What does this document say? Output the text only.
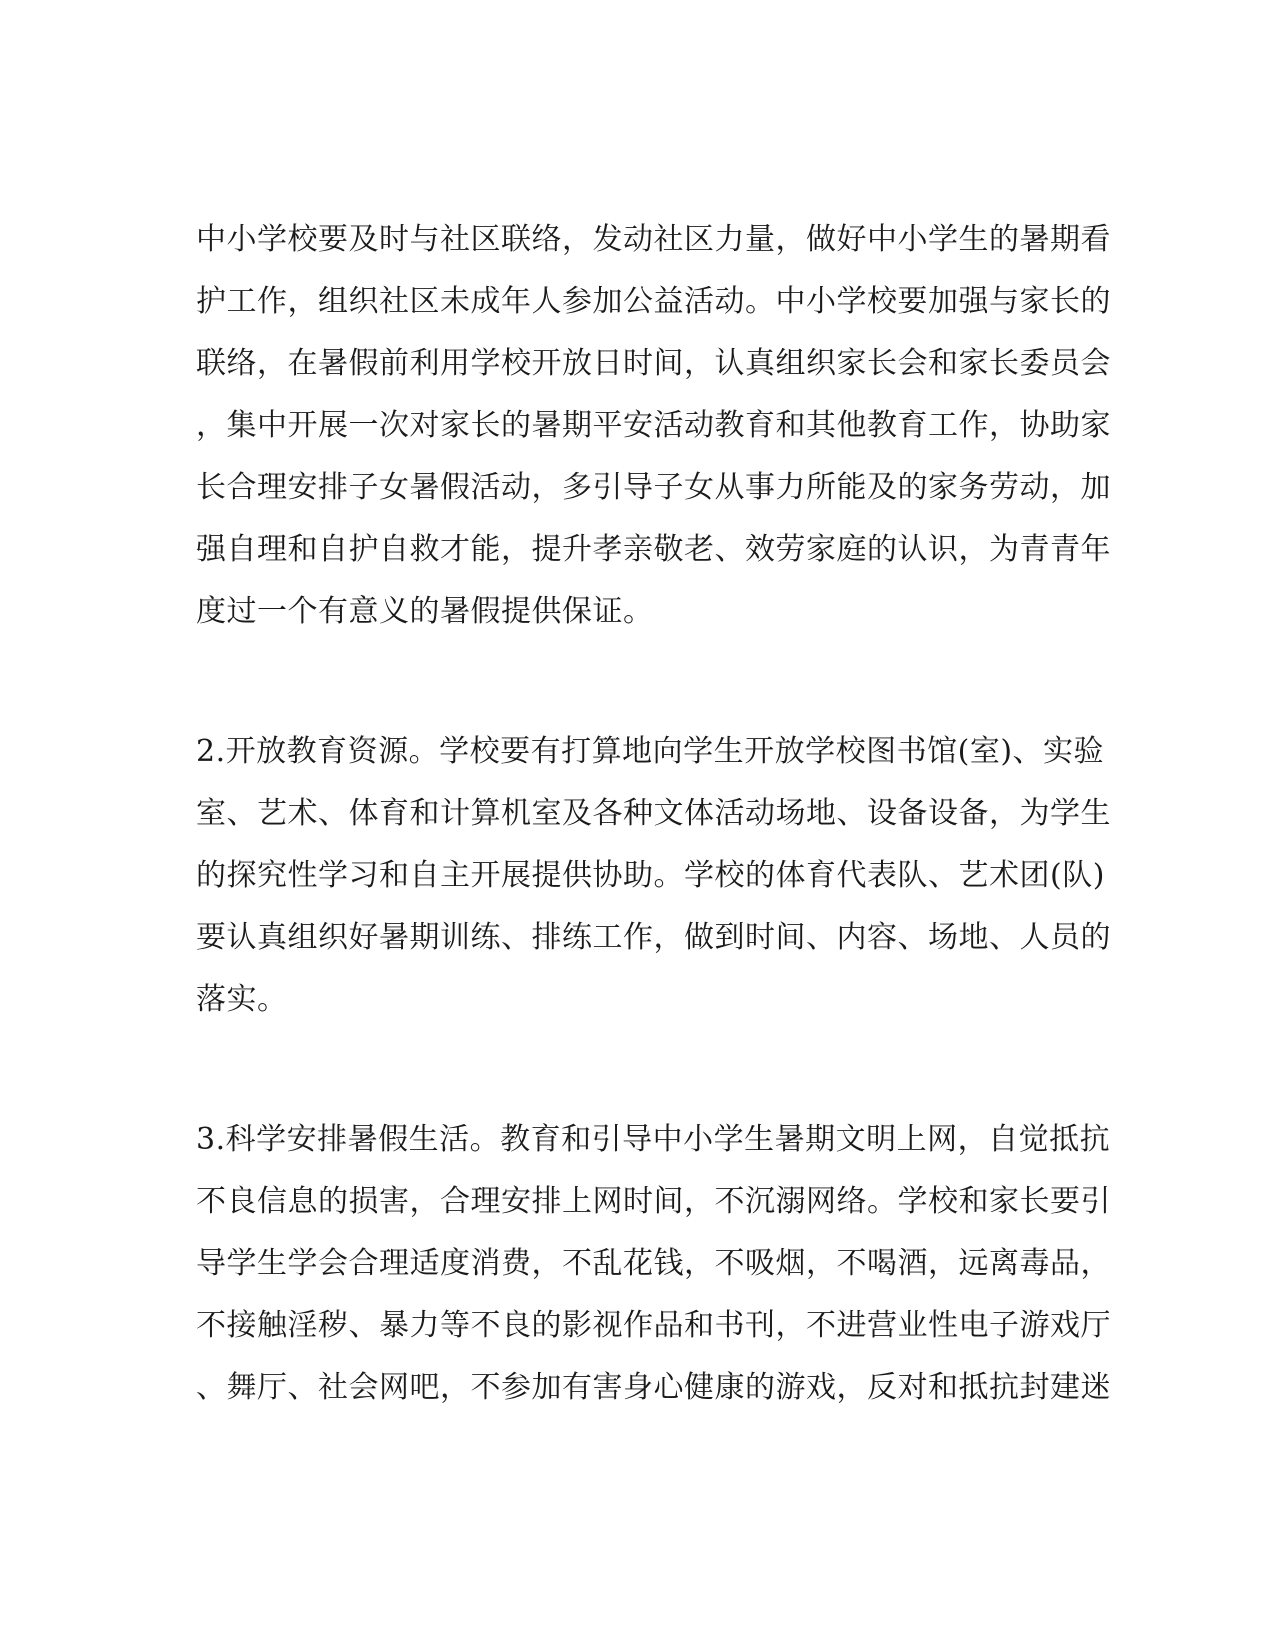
中小学校要及时与社区联络，发动社区力量，做好中小学生的暑期看
护工作，组织社区未成年人参加公益活动。中小学校要加强与家长的
联络，在暑假前利用学校开放日时间，认真组织家长会和家长委员会
，集中开展一次对家长的暑期平安活动教育和其他教育工作，协助家
长合理安排子女暑假活动，多引导子女从事力所能及的家务劳动，加
强自理和自护自救才能，提升孝亲敬老、效劳家庭的认识，为青青年
度过一个有意义的暑假提供保证。
2.开放教育资源。学校要有打算地向学生开放学校图书馆(室)、实验
室、艺术、体育和计算机室及各种文体活动场地、设备设备，为学生
的探究性学习和自主开展提供协助。学校的体育代表队、艺术团(队)
要认真组织好暑期训练、排练工作，做到时间、内容、场地、人员的
落实。
3.科学安排暑假生活。教育和引导中小学生暑期文明上网，自觉抵抗
不良信息的损害，合理安排上网时间，不沉溺网络。学校和家长要引
导学生学会合理适度消费，不乱花钱，不吸烟，不喝酒，远离毒品，
不接触淫秽、暴力等不良的影视作品和书刊，不进营业性电子游戏厅
、舞厅、社会网吧，不参加有害身心健康的游戏，反对和抵抗封建迷
